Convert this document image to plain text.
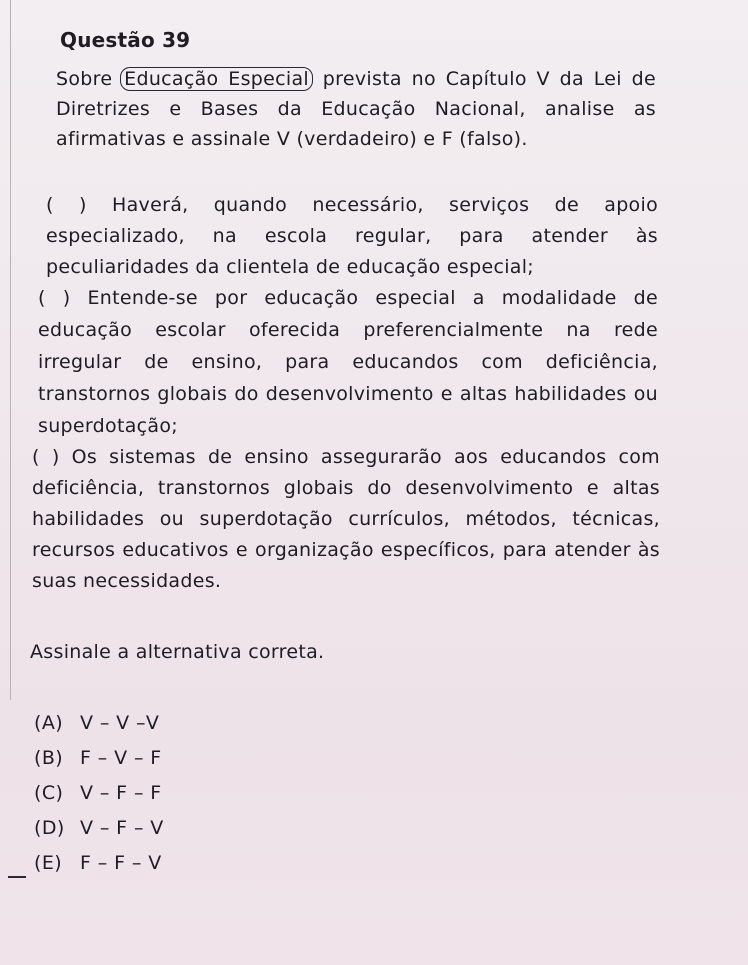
Questão 39
Sobre Educação Especial prevista no Capítulo V da Lei de Diretrizes e Bases da Educação Nacional, analise as afirmativas e assinale V (verdadeiro) e F (falso).
( ) Haverá, quando necessário, serviços de apoio especializado, na escola regular, para atender às peculiaridades da clientela de educação especial;
( ) Entende-se por educação especial a modalidade de educação escolar oferecida preferencialmente na rede irregular de ensino, para educandos com deficiência, transtornos globais do desenvolvimento e altas habilidades ou superdotação;
( ) Os sistemas de ensino assegurarão aos educandos com deficiência, transtornos globais do desenvolvimento e altas habilidades ou superdotação currículos, métodos, técnicas, recursos educativos e organização específicos, para atender às suas necessidades.
Assinale a alternativa correta.
(A) V – V –V
(B) F – V – F
(C) V – F – F
(D) V – F – V
(E) F – F – V
